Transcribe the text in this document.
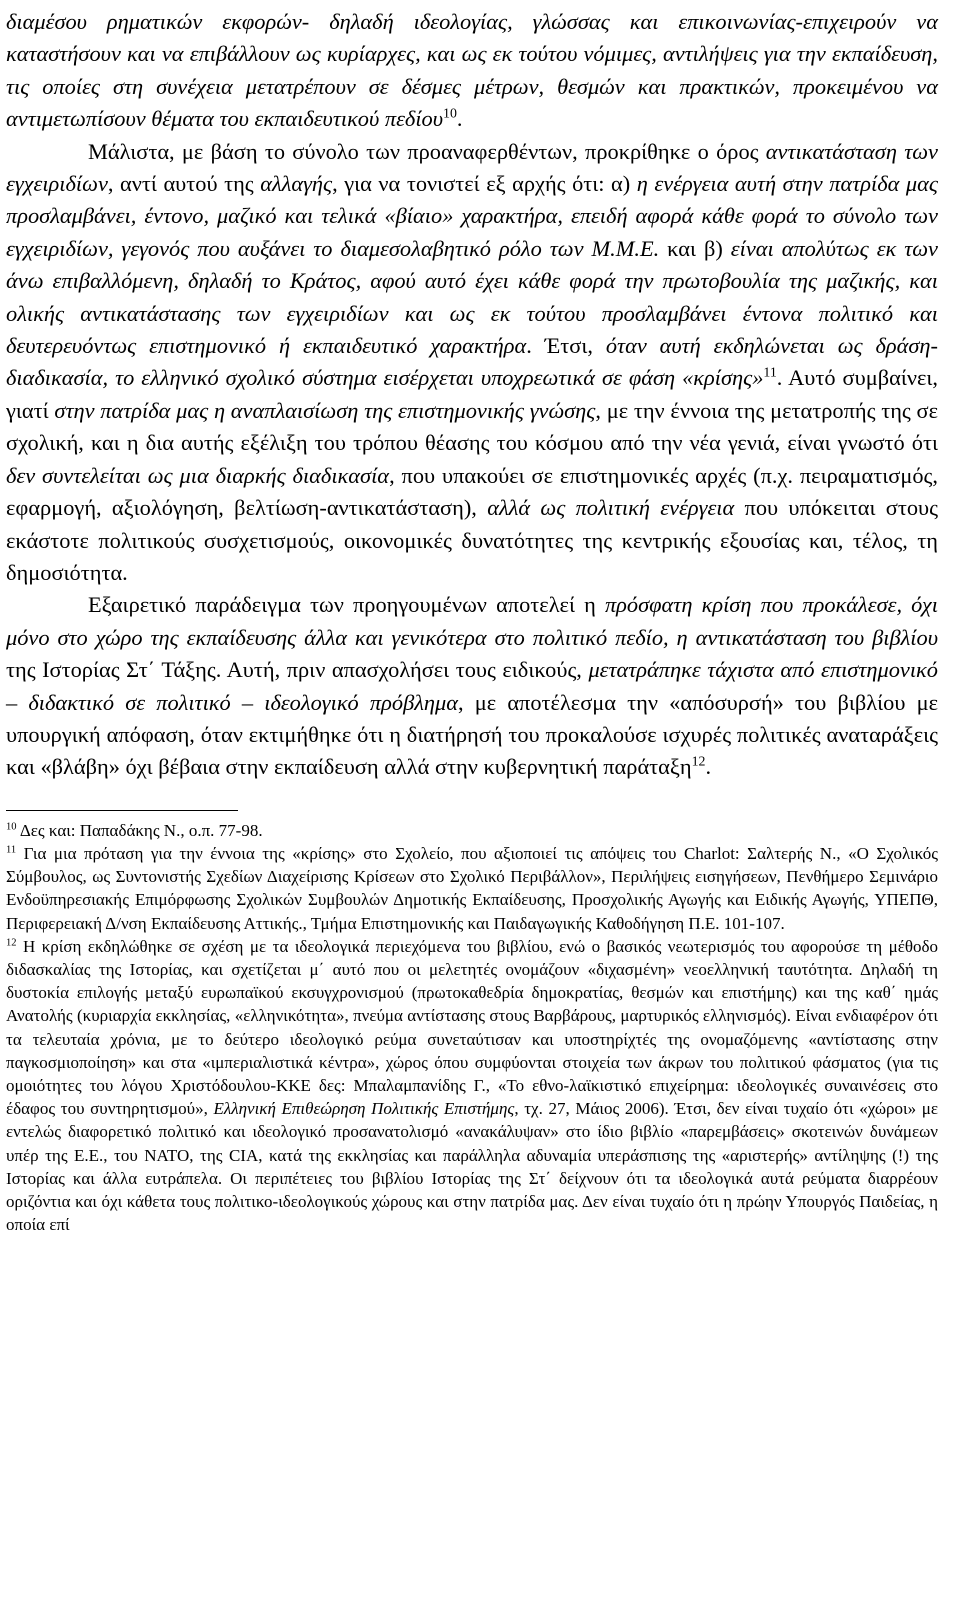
διαμέσου ρηματικών εκφορών- δηλαδή ιδεολογίας, γλώσσας και επικοινωνίας-επιχειρούν να καταστήσουν και να επιβάλλουν ως κυρίαρχες, και ως εκ τούτου νόμιμες, αντιλήψεις για την εκπαίδευση, τις οποίες στη συνέχεια μετατρέπουν σε δέσμες μέτρων, θεσμών και πρακτικών, προκειμένου να αντιμετωπίσουν θέματα του εκπαιδευτικού πεδίου$^{10}$.

Μάλιστα, με βάση το σύνολο των προαναφερθέντων, προκρίθηκε ο όρος αντικατάσταση των εγχειριδίων, αντί αυτού της αλλαγής, για να τονιστεί εξ αρχής ότι: α) η ενέργεια αυτή στην πατρίδα μας προσλαμβάνει, έντονο, μαζικό και τελικά «βίαιο» χαρακτήρα, επειδή αφορά κάθε φορά το σύνολο των εγχειριδίων, γεγονός που αυξάνει το διαμεσολαβητικό ρόλο των Μ.Μ.Ε. και β) είναι απολύτως εκ των άνω επιβαλλόμενη, δηλαδή το Κράτος, αφού αυτό έχει κάθε φορά την πρωτοβουλία της μαζικής, και ολικής αντικατάστασης των εγχειριδίων και ως εκ τούτου προσλαμβάνει έντονα πολιτικό και δευτερευόντως επιστημονικό ή εκπαιδευτικό χαρακτήρα. Έτσι, όταν αυτή εκδηλώνεται ως δράση-διαδικασία, το ελληνικό σχολικό σύστημα εισέρχεται υποχρεωτικά σε φάση «κρίσης»$^{11}$. Αυτό συμβαίνει, γιατί στην πατρίδα μας η αναπλαισίωση της επιστημονικής γνώσης, με την έννοια της μετατροπής της σε σχολική, και η δια αυτής εξέλιξη του τρόπου θέασης του κόσμου από την νέα γενιά, είναι γνωστό ότι δεν συντελείται ως μια διαρκής διαδικασία, που υπακούει σε επιστημονικές αρχές (π.χ. πειραματισμός, εφαρμογή, αξιολόγηση, βελτίωση-αντικατάσταση), αλλά ως πολιτική ενέργεια που υπόκειται στους εκάστοτε πολιτικούς συσχετισμούς, οικονομικές δυνατότητες της κεντρικής εξουσίας και, τέλος, τη δημοσιότητα.

Εξαιρετικό παράδειγμα των προηγουμένων αποτελεί η πρόσφατη κρίση που προκάλεσε, όχι μόνο στο χώρο της εκπαίδευσης άλλα και γενικότερα στο πολιτικό πεδίο, η αντικατάσταση του βιβλίου της Ιστορίας Στ΄ Τάξης. Αυτή, πριν απασχολήσει τους ειδικούς, μετατράπηκε τάχιστα από επιστημονικό – διδακτικό σε πολιτικό – ιδεολογικό πρόβλημα, με αποτέλεσμα την «απόσυρσή» του βιβλίου με υπουργική απόφαση, όταν εκτιμήθηκε ότι η διατήρησή του προκαλούσε ισχυρές πολιτικές αναταράξεις και «βλάβη» όχι βέβαια στην εκπαίδευση αλλά στην κυβερνητική παράταξη$^{12}$.

$^{10}$ Δες και: Παπαδάκης Ν., ο.π. 77-98.

$^{11}$ Για μια πρόταση για την έννοια της «κρίσης» στο Σχολείο, που αξιοποιεί τις απόψεις του Charlot: Σαλτερής Ν., «Ο Σχολικός Σύμβουλος, ως Συντονιστής Σχεδίων Διαχείρισης Κρίσεων στο Σχολικό Περιβάλλον», Περιλήψεις εισηγήσεων, Πενθήμερο Σεμινάριο Ενδοϋπηρεσιακής Επιμόρφωσης Σχολικών Συμβουλών Δημοτικής Εκπαίδευσης, Προσχολικής Αγωγής και Ειδικής Αγωγής, ΥΠΕΠΘ, Περιφερειακή Δ/νση Εκπαίδευσης Αττικής., Τμήμα Επιστημονικής και Παιδαγωγικής Καθοδήγηση Π.Ε. 101-107.

$^{12}$ Η κρίση εκδηλώθηκε σε σχέση με τα ιδεολογικά περιεχόμενα του βιβλίου, ενώ ο βασικός νεωτερισμός του αφορούσε τη μέθοδο διδασκαλίας της Ιστορίας, και σχετίζεται μ΄ αυτό που οι μελετητές ονομάζουν «διχασμένη» νεοελληνική ταυτότητα. Δηλαδή τη δυστοκία επιλογής μεταξύ ευρωπαϊκού εκσυγχρονισμού (πρωτοκαθεδρία δημοκρατίας, θεσμών και επιστήμης) και της καθ΄ ημάς Ανατολής (κυριαρχία εκκλησίας, «ελληνικότητα», πνεύμα αντίστασης στους Βαρβάρους, μαρτυρικός ελληνισμός). Είναι ενδιαφέρον ότι τα τελευταία χρόνια, με το δεύτερο ιδεολογικό ρεύμα συνεταύτισαν και υποστηρίχτές της ονομαζόμενης «αντίστασης στην παγκοσμιοποίηση» και στα «ιμπεριαλιστικά κέντρα», χώρος όπου συμφύονται στοιχεία των άκρων του πολιτικού φάσματος (για τις ομοιότητες του λόγου Χριστόδουλου-ΚΚΕ δες: Μπαλαμπανίδης Γ., «Το εθνο-λαϊκιστικό επιχείρημα: ιδεολογικές συναινέσεις στο έδαφος του συντηρητισμού», Ελληνική Επιθεώρηση Πολιτικής Επιστήμης, τχ. 27, Μάιος 2006). Έτσι, δεν είναι τυχαίο ότι «χώροι» με εντελώς διαφορετικό πολιτικό και ιδεολογικό προσανατολισμό «ανακάλυψαν» στο ίδιο βιβλίο «παρεμβάσεις» σκοτεινών δυνάμεων υπέρ της Ε.Ε., του ΝΑΤΟ, της CIA, κατά της εκκλησίας και παράλληλα αδυναμία υπεράσπισης της «αριστερής» αντίληψης (!) της Ιστορίας και άλλα ευτράπελα. Οι περιπέτειες του βιβλίου Ιστορίας της Στ΄ δείχνουν ότι τα ιδεολογικά αυτά ρεύματα διαρρέουν οριζόντια και όχι κάθετα τους πολιτικο-ιδεολογικούς χώρους και στην πατρίδα μας. Δεν είναι τυχαίο ότι η πρώην Υπουργός Παιδείας, η οποία επί
